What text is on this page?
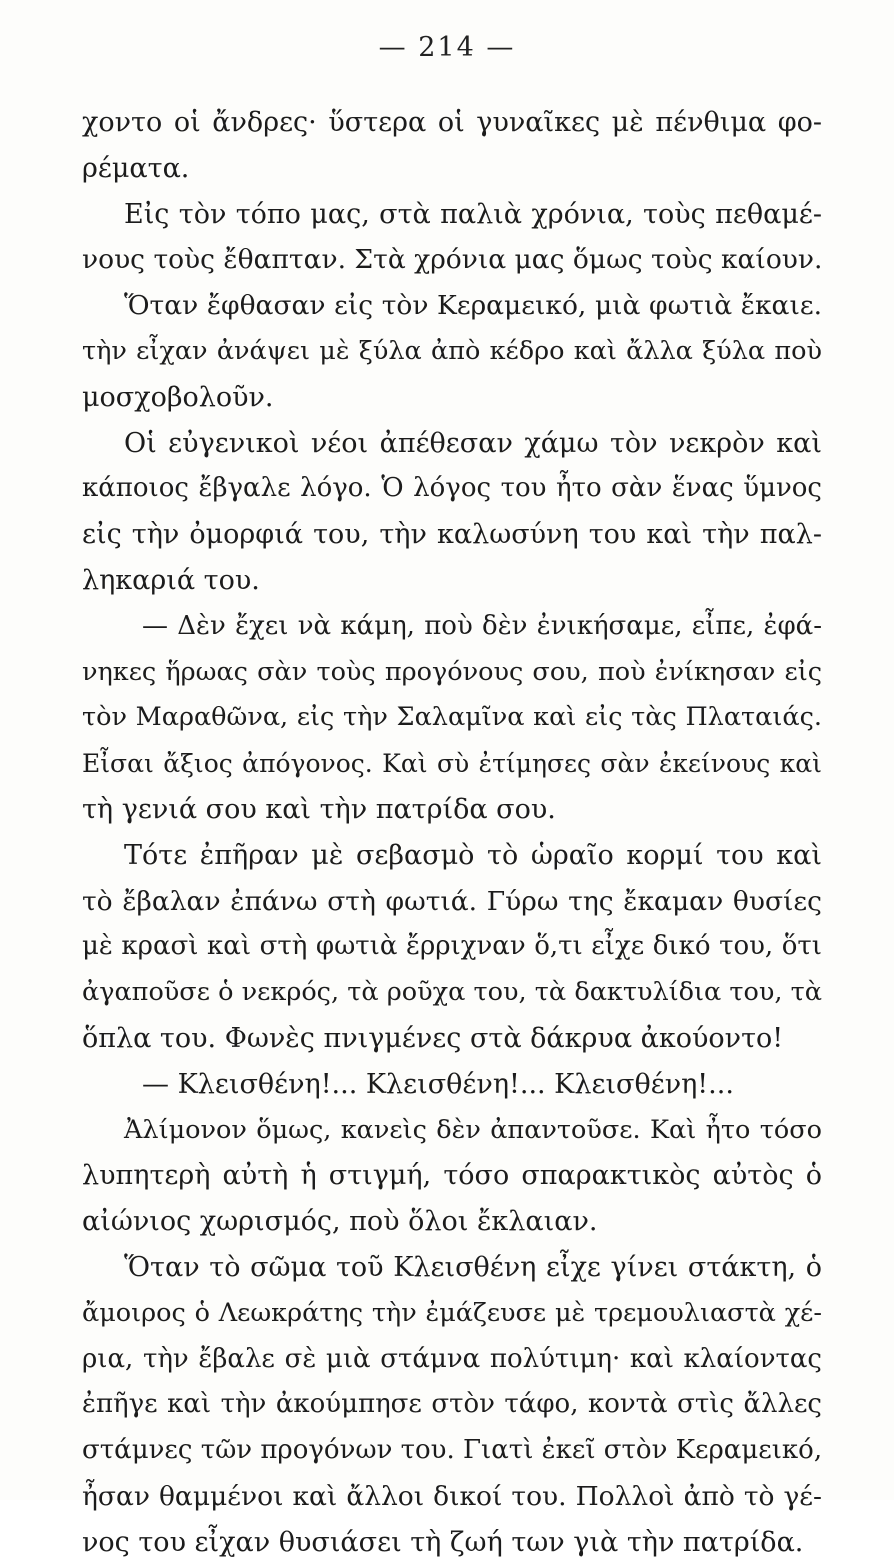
— 214 —
χοντο οἱ ἄνδρες· ὕστερα οἱ γυναῖκες μὲ πένθιμα φο-
ρέματα.
Εἰς τὸν τόπο μας, στὰ παλιὰ χρόνια, τοὺς πεθαμέ-
νους τοὺς ἔθαπταν. Στὰ χρόνια μας ὅμως τοὺς καίουν.
Ὅταν ἔφθασαν εἰς τὸν Κεραμεικό, μιὰ φωτιὰ ἔκαιε.
τὴν εἶχαν ἀνάψει μὲ ξύλα ἀπὸ κέδρο καὶ ἄλλα ξύλα ποὺ
μοσχοβολοῦν.
Οἱ εὐγενικοὶ νέοι ἀπέθεσαν χάμω τὸν νεκρὸν καὶ
κάποιος ἔβγαλε λόγο. Ὁ λόγος του ἦτο σὰν ἕνας ὕμνος
εἰς τὴν ὀμορφιά του, τὴν καλωσύνη του καὶ τὴν παλ-
ληκαριά του.
— Δὲν ἔχει νὰ κάμη, ποὺ δὲν ἐνικήσαμε, εἶπε, ἐφά-
νηκες ἥρωας σὰν τοὺς προγόνους σου, ποὺ ἐνίκησαν εἰς
τὸν Μαραθῶνα, εἰς τὴν Σαλαμῖνα καὶ εἰς τὰς Πλαταιάς.
Εἶσαι ἄξιος ἀπόγονος. Καὶ σὺ ἐτίμησες σὰν ἐκείνους καὶ
τὴ γενιά σου καὶ τὴν πατρίδα σου.
Τότε ἐπῆραν μὲ σεβασμὸ τὸ ὡραῖο κορμί του καὶ
τὸ ἔβαλαν ἐπάνω στὴ φωτιά. Γύρω της ἔκαμαν θυσίες
μὲ κρασὶ καὶ στὴ φωτιὰ ἔρριχναν ὅ,τι εἶχε δικό του, ὅτι
ἀγαποῦσε ὁ νεκρός, τὰ ροῦχα του, τὰ δακτυλίδια του, τὰ
ὅπλα του. Φωνὲς πνιγμένες στὰ δάκρυα ἀκούοντο!
— Κλεισθένη!... Κλεισθένη!... Κλεισθένη!...
Ἀλίμονον ὅμως, κανεὶς δὲν ἀπαντοῦσε. Καὶ ἦτο τόσο
λυπητερὴ αὐτὴ ἡ στιγμή, τόσο σπαρακτικὸς αὐτὸς ὁ
αἰώνιος χωρισμός, ποὺ ὅλοι ἔκλαιαν.
Ὅταν τὸ σῶμα τοῦ Κλεισθένη εἶχε γίνει στάκτη, ὁ
ἄμοιρος ὁ Λεωκράτης τὴν ἐμάζευσε μὲ τρεμουλιαστὰ χέ-
ρια, τὴν ἔβαλε σὲ μιὰ στάμνα πολύτιμη· καὶ κλαίοντας
ἐπῆγε καὶ τὴν ἀκούμπησε στὸν τάφο, κοντὰ στὶς ἄλλες
στάμνες τῶν προγόνων του. Γιατὶ ἐκεῖ στὸν Κεραμεικό,
ἦσαν θαμμένοι καὶ ἄλλοι δικοί του. Πολλοὶ ἀπὸ τὸ γέ-
νος του εἶχαν θυσιάσει τὴ ζωή των γιὰ τὴν πατρίδα.
